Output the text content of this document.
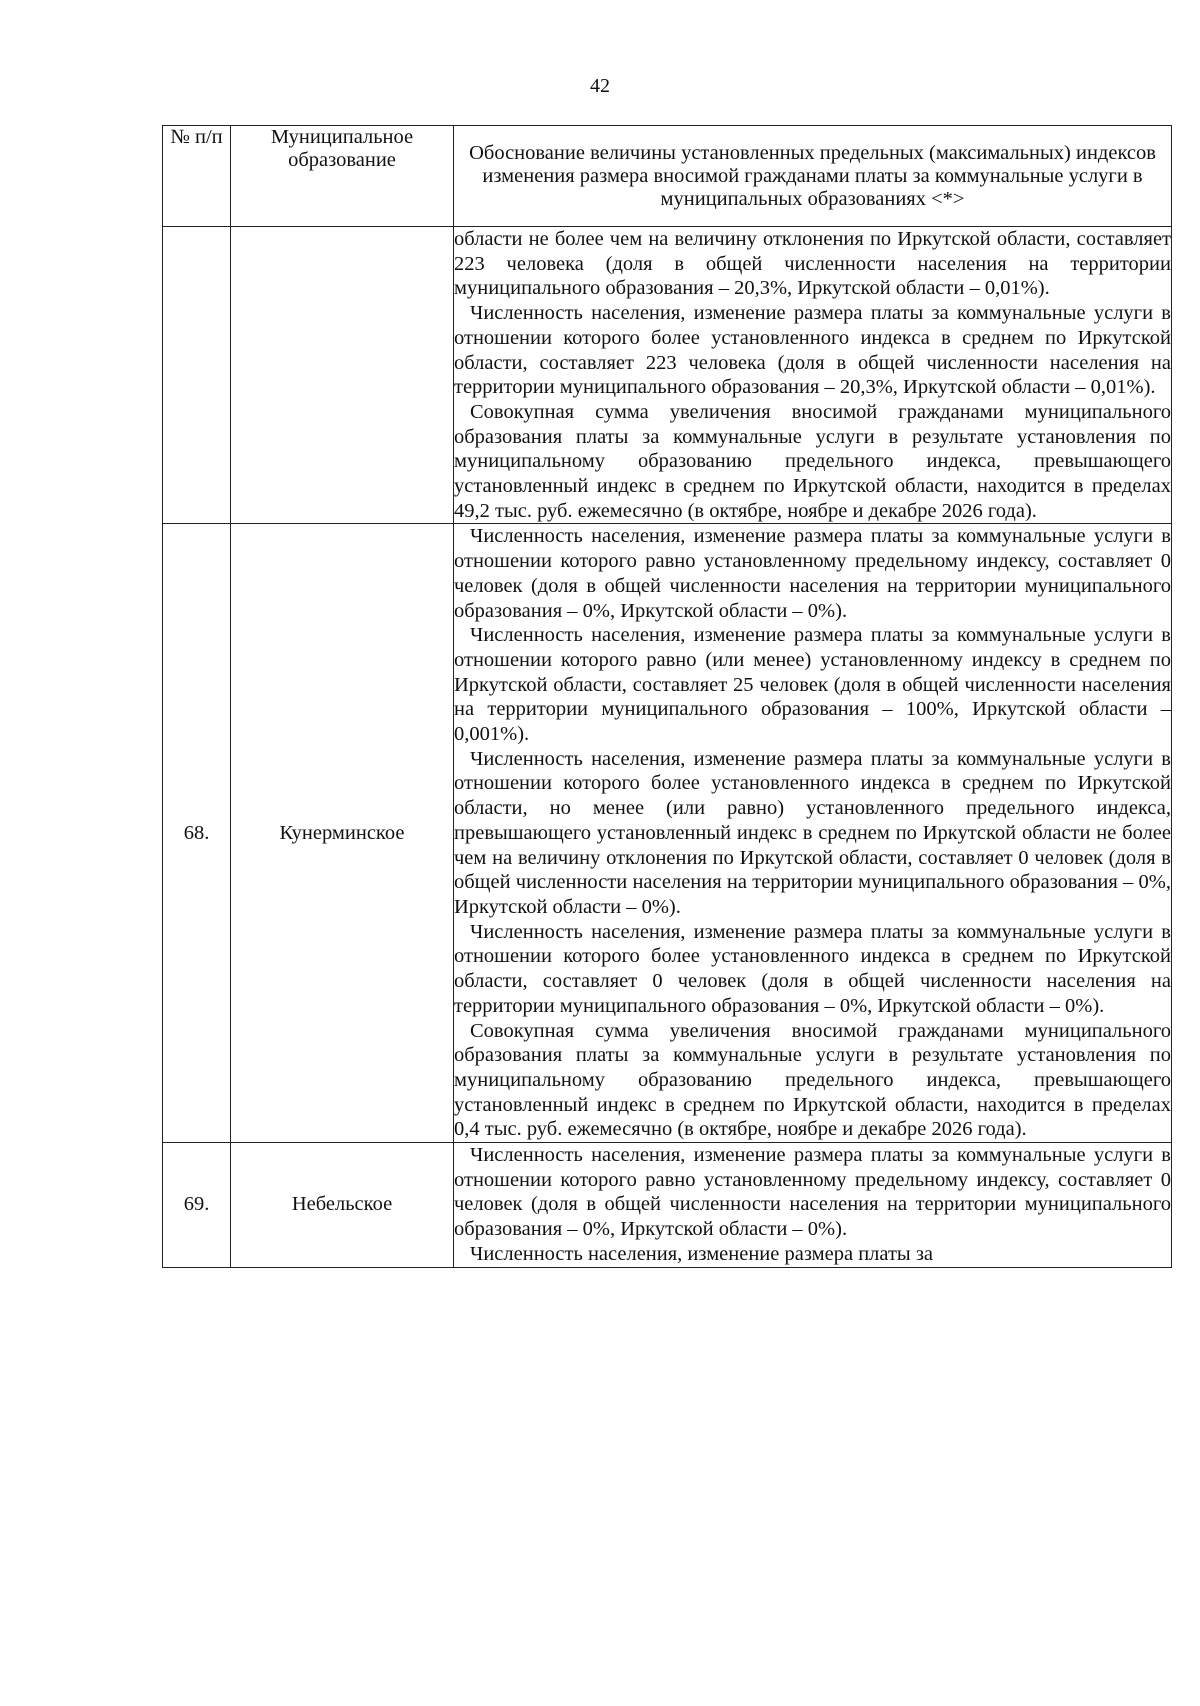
42
№ п/п	Муниципальное образование	Обоснование величины установленных предельных (максимальных) индексов изменения размера вносимой гражданами платы за коммунальные услуги в муниципальных образованиях <*>

		области не более чем на величину отклонения по Иркутской области, составляет 223 человека (доля в общей численности населения на территории муниципального образования – 20,3%, Иркутской области – 0,01%).

Численность населения, изменение размера платы за коммунальные услуги в отношении которого более установленного индекса в среднем по Иркутской области, составляет 223 человека (доля в общей численности населения на территории муниципального образования – 20,3%, Иркутской области – 0,01%).

Совокупная сумма увеличения вносимой гражданами муниципального образования платы за коммунальные услуги в результате установления по муниципальному образованию предельного индекса, превышающего установленный индекс в среднем по Иркутской области, находится в пределах 49,2 тыс. руб. ежемесячно (в октябре, ноябре и декабре 2026 года).

68.	Кунерминское	Численность населения, изменение размера платы за коммунальные услуги в отношении которого равно установленному предельному индексу, составляет 0 человек (доля в общей численности населения на территории муниципального образования – 0%, Иркутской области – 0%).

Численность населения, изменение размера платы за коммунальные услуги в отношении которого равно (или менее) установленному индексу в среднем по Иркутской области, составляет 25 человек (доля в общей численности населения на территории муниципального образования – 100%, Иркутской области – 0,001%).

Численность населения, изменение размера платы за коммунальные услуги в отношении которого более установленного индекса в среднем по Иркутской области, но менее (или равно) установленного предельного индекса, превышающего установленный индекс в среднем по Иркутской области не более чем на величину отклонения по Иркутской области, составляет 0 человек (доля в общей численности населения на территории муниципального образования – 0%, Иркутской области – 0%).

Численность населения, изменение размера платы за коммунальные услуги в отношении которого более установленного индекса в среднем по Иркутской области, составляет 0 человек (доля в общей численности населения на территории муниципального образования – 0%, Иркутской области – 0%).

Совокупная сумма увеличения вносимой гражданами муниципального образования платы за коммунальные услуги в результате установления по муниципальному образованию предельного индекса, превышающего установленный индекс в среднем по Иркутской области, находится в пределах 0,4 тыс. руб. ежемесячно (в октябре, ноябре и декабре 2026 года).

69.	Небельское	Численность населения, изменение размера платы за коммунальные услуги в отношении которого равно установленному предельному индексу, составляет 0 человек (доля в общей численности населения на территории муниципального образования – 0%, Иркутской области – 0%).

Численность населения, изменение размера платы за
